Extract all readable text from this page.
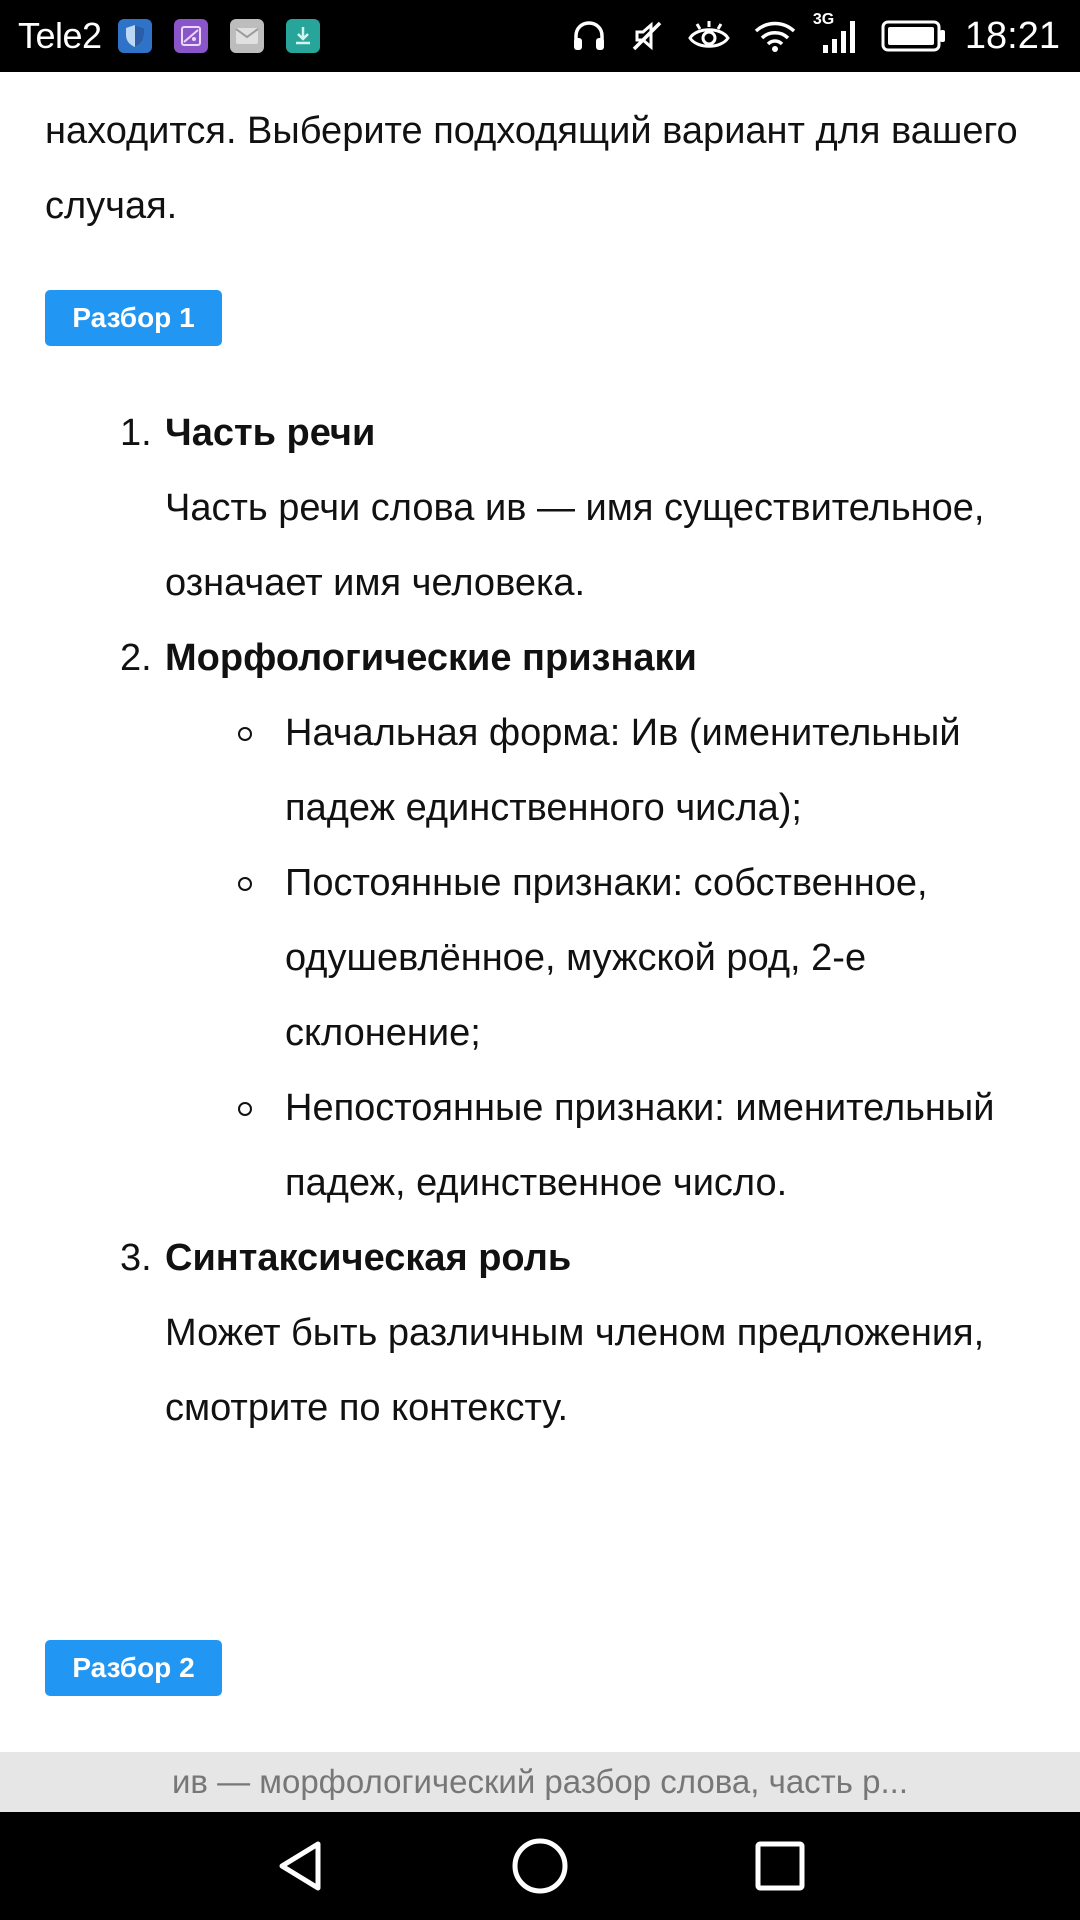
Tele2	3G	18:21

находится. Выберите подходящий вариант для вашего случая.

Разбор 1
1. Часть речи
Часть речи слова ив — имя существительное, означает имя человека.
2. Морфологические признаки
Начальная форма: Ив (именительный падеж единственного числа);
Постоянные признаки: собственное, одушевлённое, мужской род, 2-е склонение;
Непостоянные признаки: именительный падеж, единственное число.
3. Синтаксическая роль
Может быть различным членом предложения, смотрите по контексту.
Разбор 2
ив — морфологический разбор слова, часть р...
